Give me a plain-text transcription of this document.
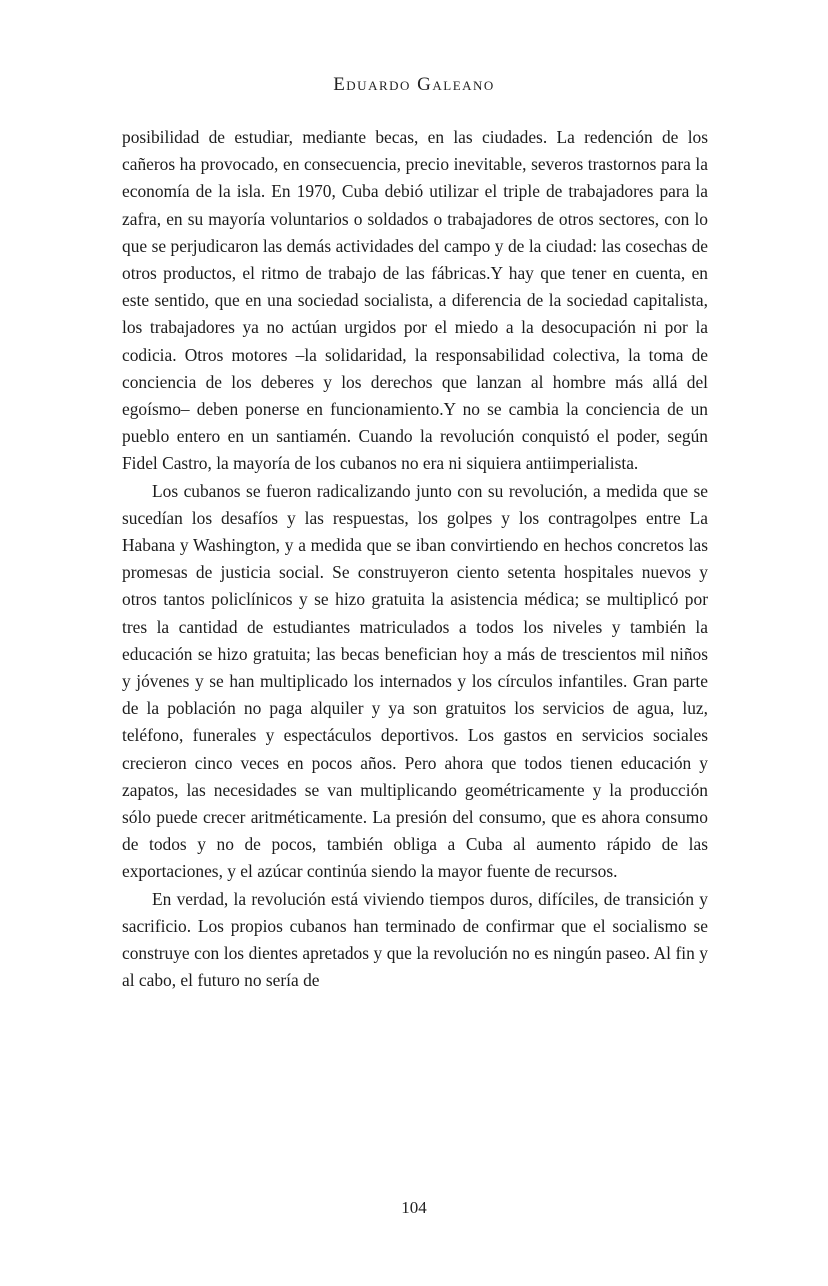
Eduardo Galeano

posibilidad de estudiar, mediante becas, en las ciudades. La redención de los cañeros ha provocado, en consecuencia, precio inevitable, severos trastornos para la economía de la isla. En 1970, Cuba debió utilizar el triple de trabajadores para la zafra, en su mayoría voluntarios o soldados o trabajadores de otros sectores, con lo que se perjudicaron las demás actividades del campo y de la ciudad: las cosechas de otros productos, el ritmo de trabajo de las fábricas.Y hay que tener en cuenta, en este sentido, que en una sociedad socialista, a diferencia de la sociedad capitalista, los trabajadores ya no actúan urgidos por el miedo a la desocupación ni por la codicia. Otros motores –la solidaridad, la responsabilidad colectiva, la toma de conciencia de los deberes y los derechos que lanzan al hombre más allá del egoísmo– deben ponerse en funcionamiento.Y no se cambia la conciencia de un pueblo entero en un santiamén. Cuando la revolución conquistó el poder, según Fidel Castro, la mayoría de los cubanos no era ni siquiera antiimperialista.

Los cubanos se fueron radicalizando junto con su revolución, a medida que se sucedían los desafíos y las respuestas, los golpes y los contragolpes entre La Habana y Washington, y a medida que se iban convirtiendo en hechos concretos las promesas de justicia social. Se construyeron ciento setenta hospitales nuevos y otros tantos policlínicos y se hizo gratuita la asistencia médica; se multiplicó por tres la cantidad de estudiantes matriculados a todos los niveles y también la educación se hizo gratuita; las becas benefician hoy a más de trescientos mil niños y jóvenes y se han multiplicado los internados y los círculos infantiles. Gran parte de la población no paga alquiler y ya son gratuitos los servicios de agua, luz, teléfono, funerales y espectáculos deportivos. Los gastos en servicios sociales crecieron cinco veces en pocos años. Pero ahora que todos tienen educación y zapatos, las necesidades se van multiplicando geométricamente y la producción sólo puede crecer aritméticamente. La presión del consumo, que es ahora consumo de todos y no de pocos, también obliga a Cuba al aumento rápido de las exportaciones, y el azúcar continúa siendo la mayor fuente de recursos.

En verdad, la revolución está viviendo tiempos duros, difíciles, de transición y sacrificio. Los propios cubanos han terminado de confirmar que el socialismo se construye con los dientes apretados y que la revolución no es ningún paseo. Al fin y al cabo, el futuro no sería de

104
